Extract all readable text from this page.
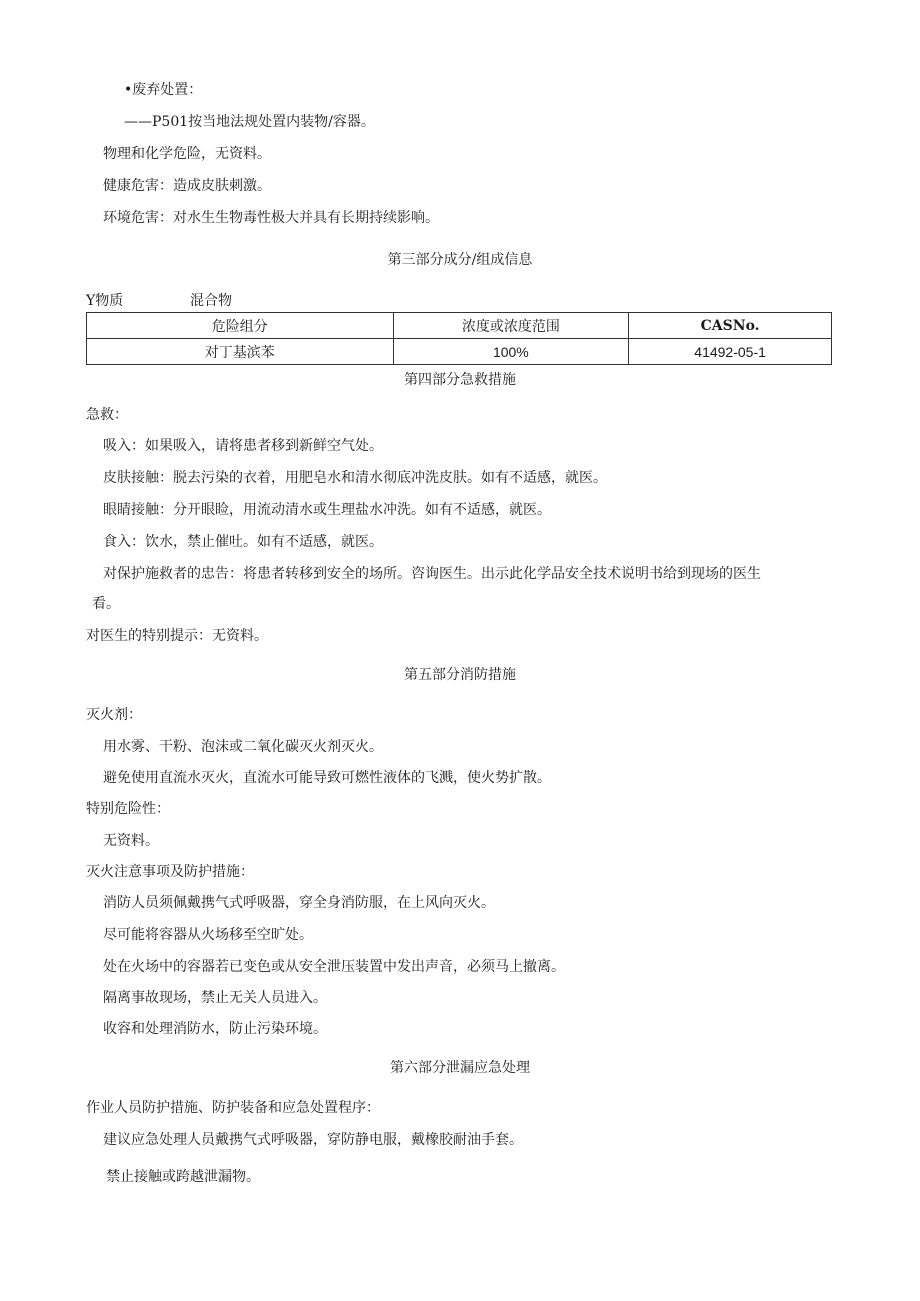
•废弃处置：
——P501按当地法规处置内装物/容器。
物理和化学危险，无资料。
健康危害：造成皮肤刺激。
环境危害：对水生生物毒性极大并具有长期持续影响。
第三部分成分/组成信息
Y物质	混合物
危险组分	浓度或浓度范围	CASNo.
对丁基滨苯	100%	41492-05-1
第四部分急救措施
急救：
吸入：如果吸入，请将患者移到新鲜空气处。
皮肤接触：脱去污染的衣着，用肥皂水和清水彻底冲洗皮肤。如有不适感，就医。
眼睛接触：分开眼睑，用流动清水或生理盐水冲洗。如有不适感，就医。
食入：饮水，禁止催吐。如有不适感，就医。
对保护施救者的忠告：将患者转移到安全的场所。咨询医生。出示此化学品安全技术说明书给到现场的医生
看。
对医生的特别提示：无资料。
第五部分消防措施
灭火剂：
用水雾、干粉、泡沫或二氧化碳灭火剂灭火。
避免使用直流水灭火，直流水可能导致可燃性液体的飞溅，使火势扩散。
特别危险性：
无资料。
灭火注意事项及防护措施：
消防人员须佩戴携气式呼吸器，穿全身消防服，在上风向灭火。
尽可能将容器从火场移至空旷处。
处在火场中的容器若已变色或从安全泄压装置中发出声音，必须马上撤离。
隔离事故现场，禁止无关人员进入。
收容和处理消防水，防止污染环境。
第六部分泄漏应急处理
作业人员防护措施、防护装备和应急处置程序：
建议应急处理人员戴携气式呼吸器，穿防静电服，戴橡胶耐油手套。
禁止接触或跨越泄漏物。
